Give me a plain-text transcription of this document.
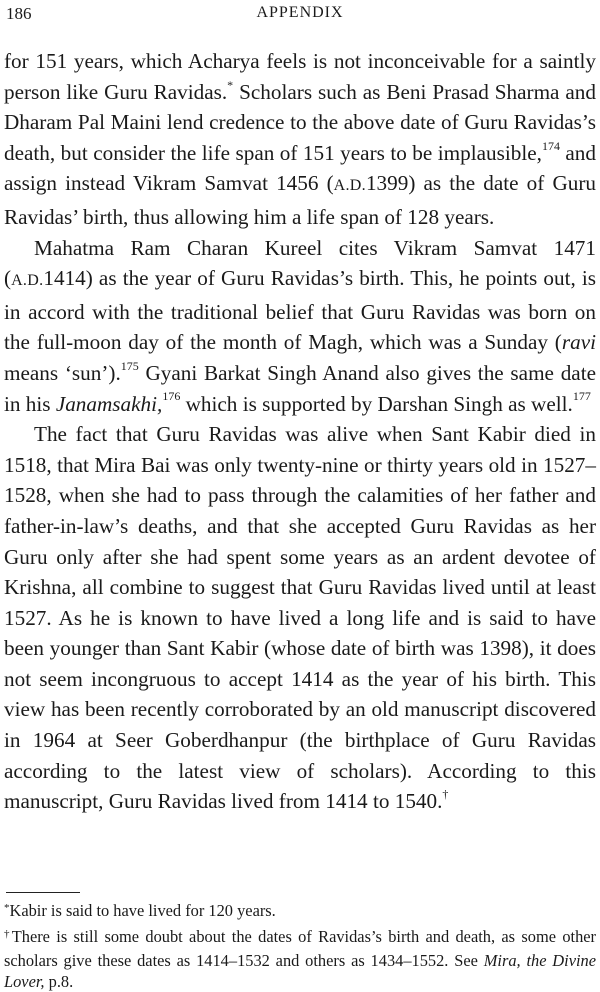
186	APPENDIX

for 151 years, which Acharya feels is not inconceivable for a saintly person like Guru Ravidas.* Scholars such as Beni Prasad Sharma and Dharam Pal Maini lend credence to the above date of Guru Ravidas’s death, but consider the life span of 151 years to be implausible,$^{174}$ and assign instead Vikram Samvat 1456 (A.D.1399) as the date of Guru Ravidas’ birth, thus allowing him a life span of 128 years.

Mahatma Ram Charan Kureel cites Vikram Samvat 1471 (A.D.1414) as the year of Guru Ravidas’s birth. This, he points out, is in accord with the traditional belief that Guru Ravidas was born on the full-moon day of the month of Magh, which was a Sunday (ravi means ‘sun’).$^{175}$ Gyani Barkat Singh Anand also gives the same date in his Janamsakhi,$^{176}$ which is supported by Darshan Singh as well.$^{177}$

The fact that Guru Ravidas was alive when Sant Kabir died in 1518, that Mira Bai was only twenty-nine or thirty years old in 1527–1528, when she had to pass through the calamities of her father and father-in-law’s deaths, and that she accepted Guru Ravidas as her Guru only after she had spent some years as an ardent devotee of Krishna, all combine to suggest that Guru Ravidas lived until at least 1527. As he is known to have lived a long life and is said to have been younger than Sant Kabir (whose date of birth was 1398), it does not seem incongruous to accept 1414 as the year of his birth. This view has been recently corroborated by an old manuscript discovered in 1964 at Seer Goberdhanpur (the birthplace of Guru Ravidas according to the latest view of scholars). According to this manuscript, Guru Ravidas lived from 1414 to 1540.†

*Kabir is said to have lived for 120 years.

†There is still some doubt about the dates of Ravidas’s birth and death, as some other scholars give these dates as 1414–1532 and others as 1434–1552. See Mira, the Divine Lover, p.8.
